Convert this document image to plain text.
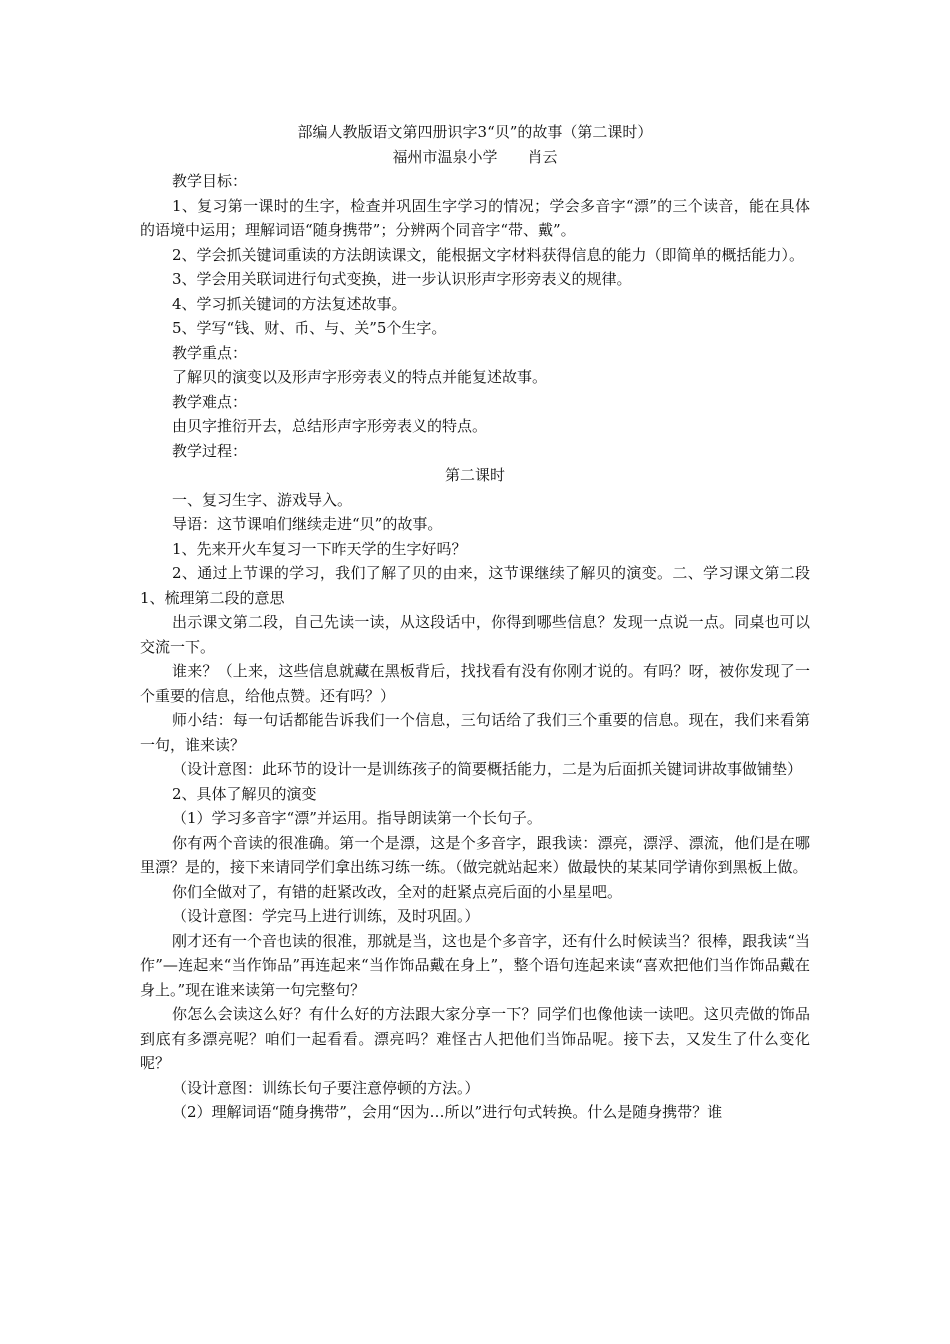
部编人教版语文第四册识字3“贝”的故事（第二课时）

福州市温泉小学　　肖云

教学目标：

1、复习第一课时的生字，检查并巩固生字学习的情况；学会多音字“漂”的三个读音，能在具体的语境中运用；理解词语“随身携带”；分辨两个同音字“带、戴”。

2、学会抓关键词重读的方法朗读课文，能根据文字材料获得信息的能力（即简单的概括能力）。

3、学会用关联词进行句式变换，进一步认识形声字形旁表义的规律。

4、学习抓关键词的方法复述故事。

5、学写“钱、财、币、与、关”5个生字。

教学重点：

了解贝的演变以及形声字形旁表义的特点并能复述故事。

教学难点：

由贝字推衍开去，总结形声字形旁表义的特点。

教学过程：

第二课时

一、复习生字、游戏导入。

导语：这节课咱们继续走进“贝”的故事。

1、先来开火车复习一下昨天学的生字好吗？

2、通过上节课的学习，我们了解了贝的由来，这节课继续了解贝的演变。二、学习课文第二段1、梳理第二段的意思

出示课文第二段，自己先读一读，从这段话中，你得到哪些信息？发现一点说一点。同桌也可以交流一下。

谁来？（上来，这些信息就藏在黑板背后，找找看有没有你刚才说的。有吗？呀，被你发现了一个重要的信息，给他点赞。还有吗？）

师小结：每一句话都能告诉我们一个信息，三句话给了我们三个重要的信息。现在，我们来看第一句，谁来读？

（设计意图：此环节的设计一是训练孩子的简要概括能力，二是为后面抓关键词讲故事做铺垫）

2、具体了解贝的演变

（1）学习多音字“漂”并运用。指导朗读第一个长句子。

你有两个音读的很准确。第一个是漂，这是个多音字，跟我读：漂亮，漂浮、漂流，他们是在哪里漂？是的，接下来请同学们拿出练习练一练。（做完就站起来）做最快的某某同学请你到黑板上做。

你们全做对了，有错的赶紧改改，全对的赶紧点亮后面的小星星吧。

（设计意图：学完马上进行训练，及时巩固。）

刚才还有一个音也读的很准，那就是当，这也是个多音字，还有什么时候读当？很棒，跟我读“当作”—连起来“当作饰品”再连起来“当作饰品戴在身上”，整个语句连起来读“喜欢把他们当作饰品戴在身上。”现在谁来读第一句完整句？

你怎么会读这么好？有什么好的方法跟大家分享一下？同学们也像他读一读吧。这贝壳做的饰品到底有多漂亮呢？咱们一起看看。漂亮吗？难怪古人把他们当饰品呢。接下去，又发生了什么变化呢？

（设计意图：训练长句子要注意停顿的方法。）

（2）理解词语“随身携带”，会用“因为…所以”进行句式转换。什么是随身携带？谁
